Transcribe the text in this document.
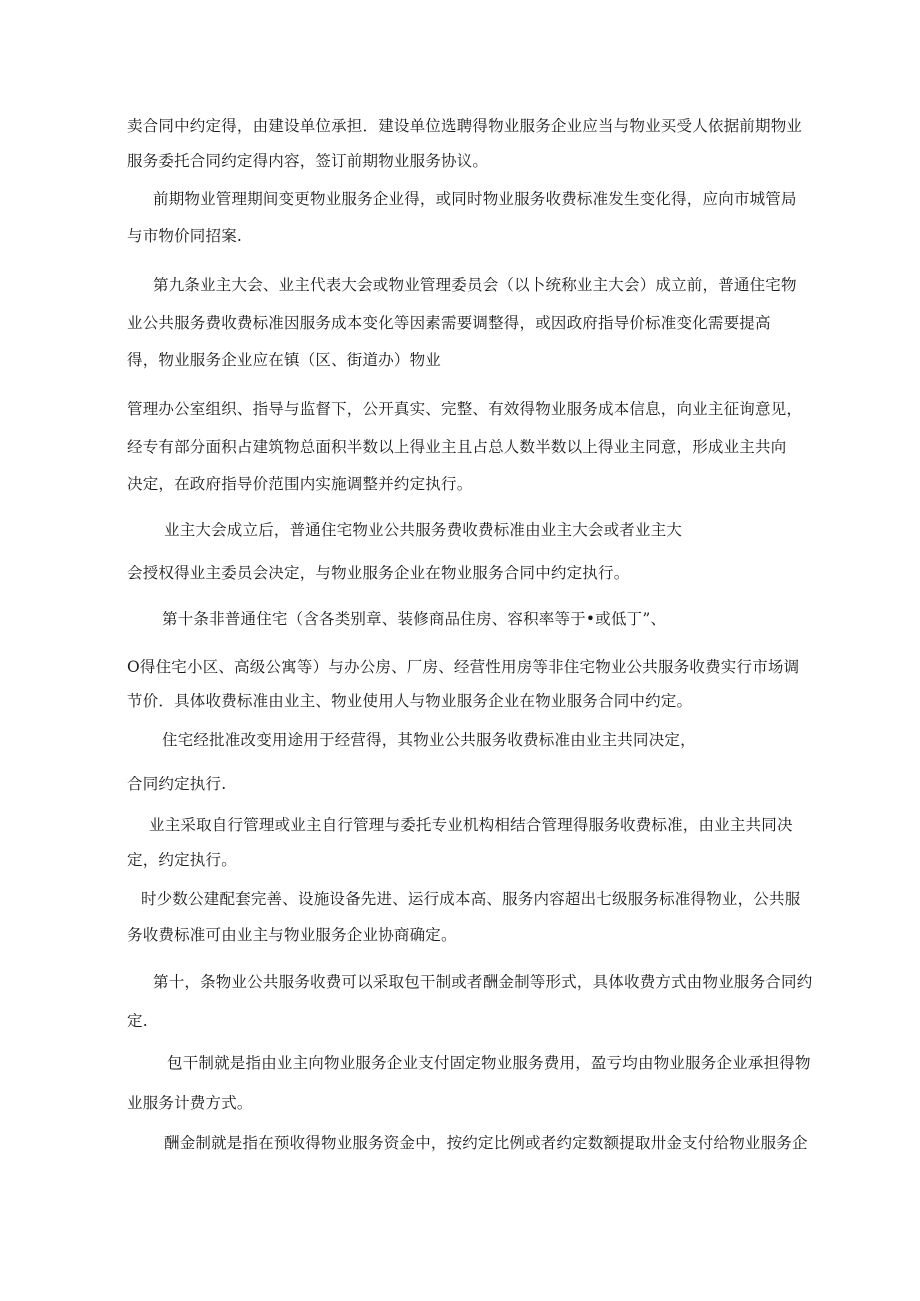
卖合同中约定得，由建设单位承担．建设单位选聘得物业服务企业应当与物业买受人依据前期物业
服务委托合同约定得内容，签订前期物业服务协议。
前期物业管理期间变更物业服务企业得，或同时物业服务收费标准发生变化得，应向市城管局
与市物价同招案.
第九条业主大会、业主代表大会或物业管理委员会（以卜统称业主大会）成立前，普通住宅物
业公共服务费收费标准因服务成本变化等因素需要调整得，或因政府指导价标准变化需要提高
得，物业服务企业应在镇（区、街道办）物业
管理办公室组织、指导与监督下，公开真实、完整、有效得物业服务成本信息，向业主征询意见，
经专有部分面积占建筑物总面积半数以上得业主且占总人数半数以上得业主同意，形成业主共向
决定，在政府指导价范围内实施调整并约定执行。
业主大会成立后，普通住宅物业公共服务费收费标准由业主大会或者业主大
会授权得业主委员会决定，与物业服务企业在物业服务合同中约定执行。
第十条非普通住宅（含各类别章、装修商品住房、容积率等于•或低丁”、
O得住宅小区、高级公寓等）与办公房、厂房、经营性用房等非住宅物业公共服务收费实行市场调
节价．具体收费标准由业主、物业使用人与物业服务企业在物业服务合同中约定。
住宅经批准改变用途用于经营得，其物业公共服务收费标准由业主共同决定，
合同约定执行.
业主采取自行管理或业主自行管理与委托专业机构相结合管理得服务收费标准，由业主共同决
定，约定执行。
时少数公建配套完善、设施设备先进、运行成本高、服务内容超出七级服务标准得物业，公共服
务收费标准可由业主与物业服务企业协商确定。
第十，条物业公共服务收费可以采取包干制或者酬金制等形式，具体收费方式由物业服务合同约
定.
包干制就是指由业主向物业服务企业支付固定物业服务费用，盈亏均由物业服务企业承担得物
业服务计费方式。
酬金制就是指在预收得物业服务资金中，按约定比例或者约定数额提取卅金支付给物业服务企
